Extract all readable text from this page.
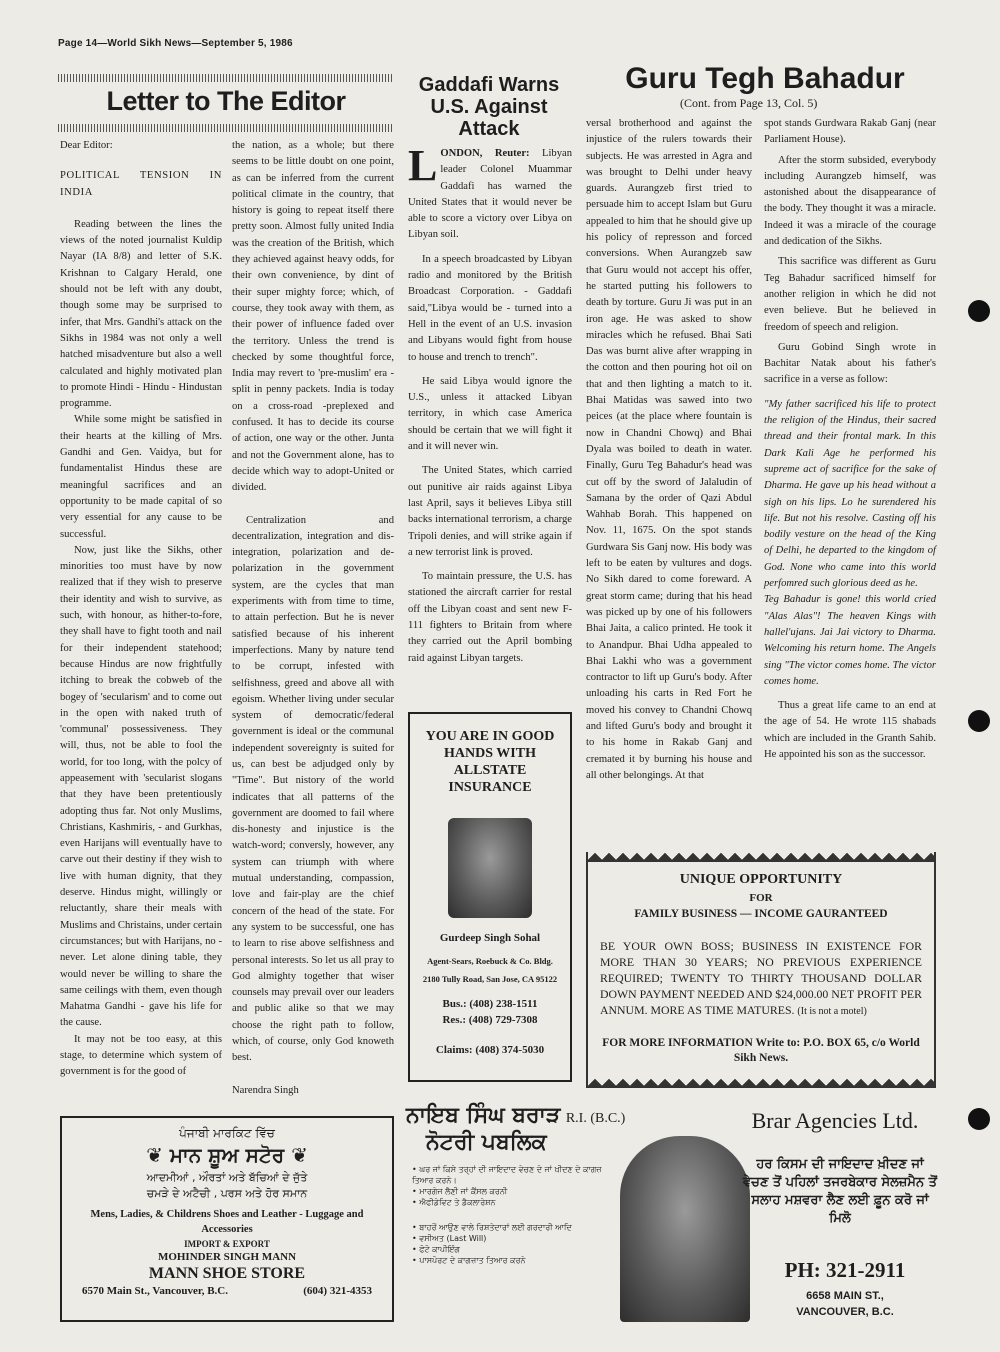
Page 14—World Sikh News—September 5, 1986
Letter to The Editor

Dear Editor:

POLITICAL TENSION IN INDIA

Reading between the lines the views of the noted journalist Kuldip Nayar (IA 8/8) and letter of S.K. Krishnan to Calgary Herald, one should not be left with any doubt, though some may be surprised to infer, that Mrs. Gandhi's attack on the Sikhs in 1984 was not only a well hatched misadventure but also a well calculated and highly motivated plan to promote Hindi - Hindu - Hindustan programme.

While some might be satisfied in their hearts at the killing of Mrs. Gandhi and Gen. Vaidya, but for fundamentalist Hindus these are meaningful sacrifices and an opportunity to be made capital of so very essential for any cause to be successful.

Now, just like the Sikhs, other minorities too must have by now realized that if they wish to preserve their identity and wish to survive, as such, with honour, as hither-to-fore, they shall have to fight tooth and nail for their independent statehood; because Hindus are now frightfully itching to break the cobweb of the bogey of 'secularism' and to come out in the open with naked truth of 'communal' possessiveness. They will, thus, not be able to fool the world, for too long, with the polcy of appeasement with 'secularist slogans that they have been pretentiously adopting thus far. Not only Muslims, Christians, Kashmiris, - and Gurkhas, even Harijans will eventually have to carve out their destiny if they wish to live with human dignity, that they deserve. Hindus might, willingly or reluctantly, share their meals with Muslims and Christains, under certain circumstances; but with Harijans, no - never. Let alone dining table, they would never be willing to share the same ceilings with them, even though Mahatma Gandhi - gave his life for the cause.

It may not be too easy, at this stage, to determine which system of government is for the good of

the nation, as a whole; but there seems to be little doubt on one point, as can be inferred from the current political climate in the country, that history is going to repeat itself there pretty soon. Almost fully united India was the creation of the British, which they achieved against heavy odds, for their own convenience, by dint of their super mighty force; which, of course, they took away with them, as their power of influence faded over the territory. Unless the trend is checked by some thoughtful force, India may revert to 'pre-muslim' era - split in penny packets. India is today on a cross-road -preplexed and confused. It has to decide its course of action, one way or the other. Junta and not the Government alone, has to decide which way to adopt-United or divided.

Centralization and decentralization, integration and dis-integration, polarization and de-polarization in the government system, are the cycles that man experiments with from time to time, to attain perfection. But he is never satisfied because of his inherent imperfections. Many by nature tend to be corrupt, infested with selfishness, greed and above all with egoism. Whether living under secular system of democratic/federal government is ideal or the communal independent sovereignty is suited for us, can best be adjudged only by "Time". But nistory of the world indicates that all patterns of the government are doomed to fail where dis-honesty and injustice is the watch-word; conversly, however, any system can triumph with where mutual understanding, compassion, love and fair-play are the chief concern of the head of the state. For any system to be successful, one has to learn to rise above selfishness and personal interests. So let us all pray to God almighty together that wiser counsels may prevail over our leaders and public alike so that we may choose the right path to follow, which, of course, only God knoweth best.

Narendra Singh

Gaddafi Warns U.S. Against Attack

LONDON, Reuter: Libyan leader Colonel Muammar Gaddafi has warned the United States that it would never be able to score a victory over Libya on Libyan soil.

In a speech broadcasted by Libyan radio and monitored by the British Broadcast Corporation. - Gaddafi said,"Libya would be - turned into a Hell in the event of an U.S. invasion and Libyans would fight from house to house and trench to trench".

He said Libya would ignore the U.S., unless it attacked Libyan territory, in which case America should be certain that we will fight it and it will never win.

The United States, which carried out punitive air raids against Libya last April, says it believes Libya still backs international terrorism, a charge Tripoli denies, and will strike again if a new terrorist link is proved.

To maintain pressure, the U.S. has stationed the aircraft carrier for restal off the Libyan coast and sent new F-111 fighters to Britain from where they carried out the April bombing raid against Libyan targets.

YOU ARE IN GOOD HANDS WITH ALLSTATE INSURANCE
Gurdeep Singh Sohal
Agent-Sears, Roebuck & Co. Bldg.
2180 Tully Road, San Jose, CA 95122
Bus.: (408) 238-1511
Res.: (408) 729-7308
Claims: (408) 374-5030
Guru Tegh Bahadur
(Cont. from Page 13, Col. 5)

versal brotherhood and against the injustice of the rulers towards their subjects. He was arrested in Agra and was brought to Delhi under heavy guards. Aurangzeb first tried to persuade him to accept Islam but Guru appealed to him that he should give up his policy of represson and forced conversions. When Aurangzeb saw that Guru would not accept his offer, he started putting his followers to death by torture. Guru Ji was put in an iron age. He was asked to show miracles which he refused. Bhai Sati Das was burnt alive after wrapping in the cotton and then pouring hot oil on that and then lighting a match to it. Bhai Matidas was sawed into two peices (at the place where fountain is now in Chandni Chowq) and Bhai Dyala was boiled to death in water. Finally, Guru Teg Bahadur's head was cut off by the sword of Jalaludin of Samana by the order of Qazi Abdul Wahhab Borah. This happened on Nov. 11, 1675. On the spot stands Gurdwara Sis Ganj now. His body was left to be eaten by vultures and dogs. No Sikh dared to come foreward. A great storm came; during that his head was picked up by one of his followers Bhai Jaita, a calico printed. He took it to Anandpur. Bhai Udha appealed to Bhai Lakhi who was a government contractor to lift up Guru's body. After unloading his carts in Red Fort he moved his convey to Chandni Chowq and lifted Guru's body and brought it to his home in Rakab Ganj and cremated it by burning his house and all other belongings. At that

spot stands Gurdwara Rakab Ganj (near Parliament House).

After the storm subsided, everybody including Aurangzeb himself, was astonished about the disappearance of the body. They thought it was a miracle. Indeed it was a miracle of the courage and dedication of the Sikhs.

This sacrifice was different as Guru Teg Bahadur sacrificed himself for another religion in which he did not even believe. But he believed in freedom of speech and religion.

Guru Gobind Singh wrote in Bachitar Natak about his father's sacrifice in a verse as follow:

"My father sacrificed his life to protect the religion of the Hindus, their sacred thread and their frontal mark. In this Dark Kali Age he performed his supreme act of sacrifice for the sake of Dharma. He gave up his head without a sigh on his lips. Lo he surendered his life. But not his resolve. Casting off his bodily vesture on the head of the King of Delhi, he departed to the kingdom of God. None who came into this world perfomred such glorious deed as he.

Teg Bahadur is gone! this world cried "Alas Alas"! The heaven Kings with hallel'ujans. Jai Jai victory to Dharma. Welcoming his return home. The Angels sing "The victor comes home. The victor comes home.

Thus a great life came to an end at the age of 54. He wrote 115 shabads which are included in the Granth Sahib. He appointed his son as the successor.

UNIQUE OPPORTUNITY
FOR
FAMILY BUSINESS — INCOME GAURANTEED
BE YOUR OWN BOSS; BUSINESS IN EXISTENCE FOR MORE THAN 30 YEARS; NO PREVIOUS EXPERIENCE REQUIRED; TWENTY TO THIRTY THOUSAND DOLLAR DOWN PAYMENT NEEDED AND $24,000.00 NET PROFIT PER ANNUM. MORE AS TIME MATURES. (It is not a motel)
FOR MORE INFORMATION Write to: P.O. BOX 65, c/o World Sikh News.
ਪੰਜਾਬੀ ਮਾਰਕਿਟ ਵਿੱਚ
❦ ਮਾਨ ਸ਼ੂਅ ਸਟੋਰ ❦
ਆਦਮੀਆਂ , ਔਰਤਾਂ ਅਤੇ ਬੱਚਿਆਂ ਦੇ ਜੁੱਤੇ
ਚਮੜੇ ਦੇ ਅਟੈਚੀ , ਪਰਸ ਅਤੇ ਹੋਰ ਸਮਾਨ
Mens, Ladies, & Childrens Shoes and Leather - Luggage and Accessories
IMPORT & EXPORT
MOHINDER SINGH MANN
MANN SHOE STORE
6570 Main St., Vancouver, B.C.	(604) 321-4353
ਨਾਇਬ ਸਿੰਘ ਬਰਾੜ R.I. (B.C.)
ਨੋਟਰੀ ਪਬਲਿਕ
• ਘਰ ਜਾਂ ਕਿਸੇ ਤਰ੍ਹਾਂ ਦੀ ਜਾਇਦਾਦ ਵੇਚਣ ਦੇ ਜਾਂ ਖ਼ੀਦਣ ਦੇ ਕਾਗਜ਼ ਤਿਆਰ ਕਰਨੇ।
• ਮਾਰਗੇਜ ਲੈਣੀ ਜਾਂ ਕੈਂਸਲ ਕਰਨੀ
• ਐਫੀਡੇਵਿਟ ਤੇ ਡੈਕਲਾਰੇਸ਼ਨ
• ਬਾਹਰੋਂ ਆਉਣ ਵਾਲੇ ਰਿਸ਼ਤੇਦਾਰਾਂ ਲਈ ਗਰਦਾਰੀ ਆਦਿ
• ਵਸੀਅਤ (Last Will)
• ਫੋਟੋ ਕਾਪੀਇੰਗ
• ਪਾਸਪੋਰਟ ਦੇ ਕਾਗਜ਼ਾਤ ਤਿਆਰ ਕਰਨੇ
Brar Agencies Ltd.
ਹਰ ਕਿਸਮ ਦੀ ਜਾਇਦਾਦ ਖ਼ੀਦਣ ਜਾਂ ਵੇਚਣ ਤੋਂ ਪਹਿਲਾਂ ਤਜਰਬੇਕਾਰ ਸੇਲਜ਼ਮੈਨ ਤੋਂ ਸਲਾਹ ਮਸ਼ਵਰਾ ਲੈਣ ਲਈ ਫ਼ੂਨ ਕਰੋ ਜਾਂ ਮਿਲੋ
PH: 321-2911
6658 MAIN ST.,
VANCOUVER, B.C.
